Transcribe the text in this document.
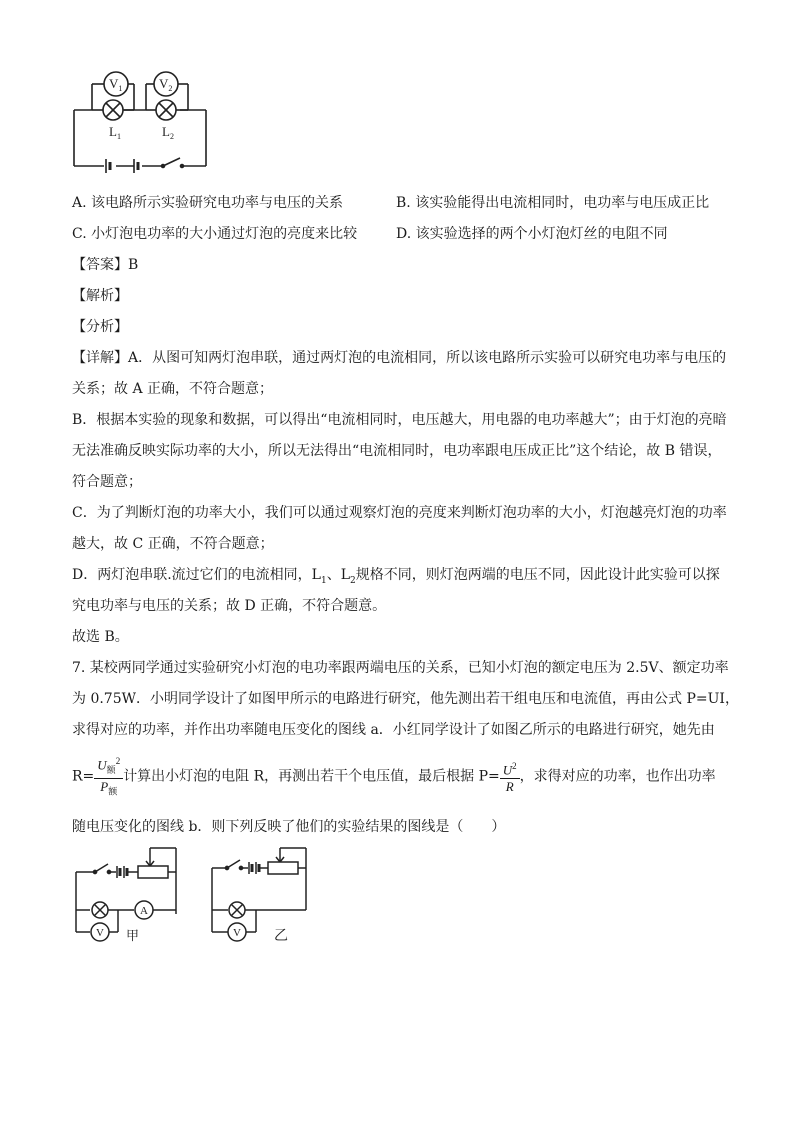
$V_1$	$V_2$
$L_1$	$L_2$
A. 该电路所示实验研究电功率与电压的关系	B. 该实验能得出电流相同时，电功率与电压成正比
C. 小灯泡电功率的大小通过灯泡的亮度来比较	D. 该实验选择的两个小灯泡灯丝的电阻不同
【答案】B
【解析】
【分析】
【详解】A．从图可知两灯泡串联，通过两灯泡的电流相同，所以该电路所示实验可以研究电功率与电压的
关系；故 A 正确，不符合题意；
B．根据本实验的现象和数据，可以得出“电流相同时，电压越大，用电器的电功率越大”；由于灯泡的亮暗
无法准确反映实际功率的大小，所以无法得出“电流相同时，电功率跟电压成正比”这个结论，故 B 错误，
符合题意；
C．为了判断灯泡的功率大小，我们可以通过观察灯泡的亮度来判断灯泡功率的大小，灯泡越亮灯泡的功率
越大，故 C 正确，不符合题意；
D．两灯泡串联.流过它们的电流相同，$L_1$、$L_2$规格不同，则灯泡两端的电压不同，因此设计此实验可以探
究电功率与电压的关系；故 D 正确，不符合题意。
故选 B。
7. 某校两同学通过实验研究小灯泡的电功率跟两端电压的关系，已知小灯泡的额定电压为 2.5V、额定功率
为 0.75W．小明同学设计了如图甲所示的电路进行研究，他先测出若干组电压和电流值，再由公式 P=UI，
求得对应的功率，并作出功率随电压变化的图线 a．小红同学设计了如图乙所示的电路进行研究，她先由
$R= \frac{U_额^2}{P_额}$ 计算出小灯泡的电阻 R，再测出若干个电压值，最后根据 $P= \frac{U^2}{R}$ ，求得对应的功率，也作出功率
随电压变化的图线 b．则下列反映了他们的实验结果的图线是（　　）
A
V 甲	V 乙
